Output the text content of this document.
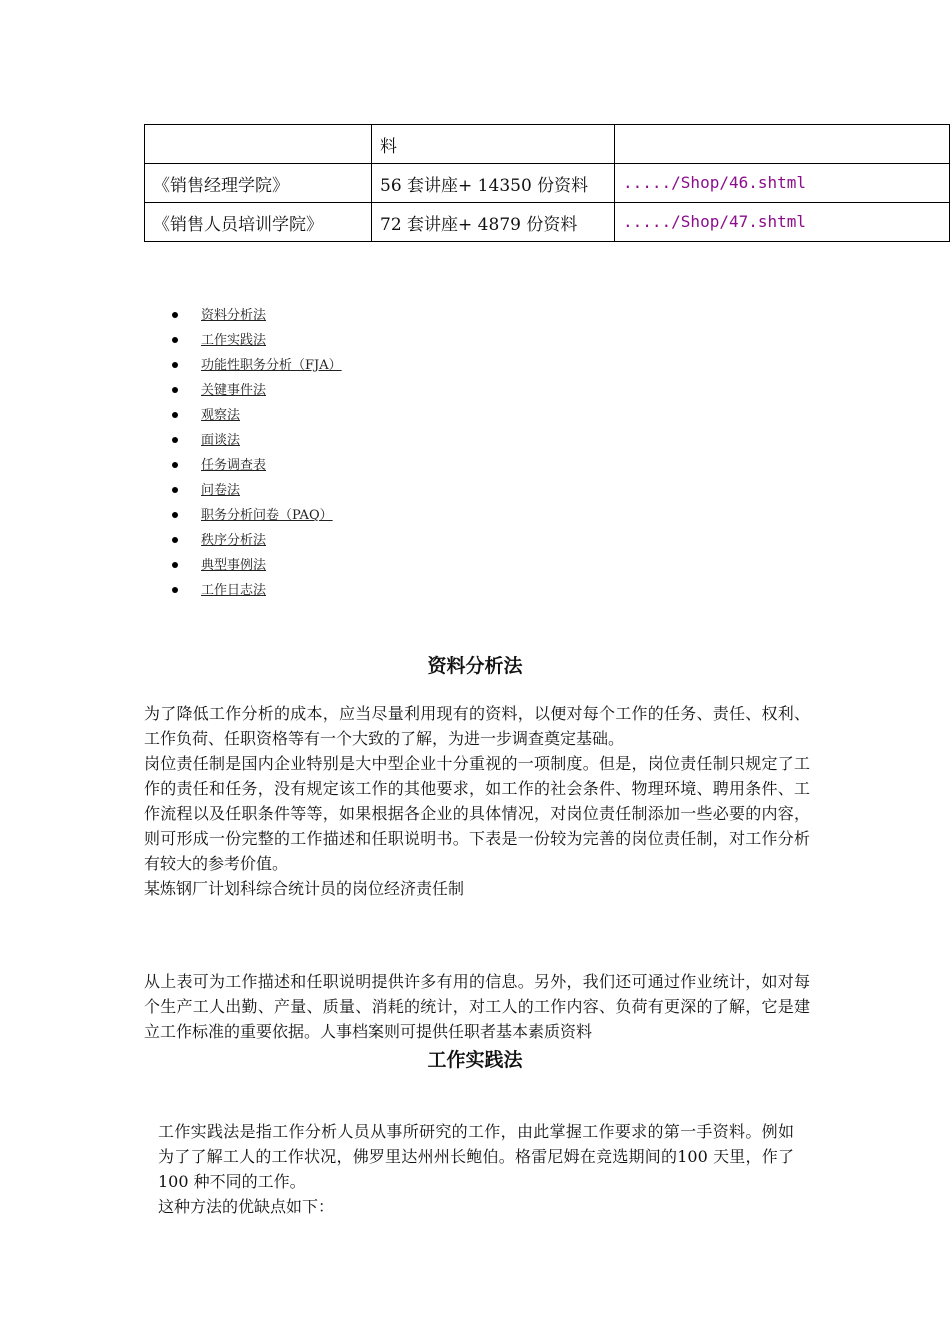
	料	
《销售经理学院》	56 套讲座+ 14350 份资料	...../Shop/46.shtml
《销售人员培训学院》	72 套讲座+ 4879 份资料	...../Shop/47.shtml
资料分析法
工作实践法
功能性职务分析（FJA）
关键事件法
观察法
面谈法
任务调查表
问卷法
职务分析问卷（PAQ）
秩序分析法
典型事例法
工作日志法
资料分析法

为了降低工作分析的成本，应当尽量利用现有的资料，以便对每个工作的任务、责任、权利、工作负荷、任职资格等有一个大致的了解，为进一步调查奠定基础。

岗位责任制是国内企业特别是大中型企业十分重视的一项制度。但是，岗位责任制只规定了工作的责任和任务，没有规定该工作的其他要求，如工作的社会条件、物理环境、聘用条件、工作流程以及任职条件等等，如果根据各企业的具体情况，对岗位责任制添加一些必要的内容，则可形成一份完整的工作描述和任职说明书。下表是一份较为完善的岗位责任制，对工作分析有较大的参考价值。

某炼钢厂计划科综合统计员的岗位经济责任制

从上表可为工作描述和任职说明提供许多有用的信息。另外，我们还可通过作业统计，如对每个生产工人出勤、产量、质量、消耗的统计，对工人的工作内容、负荷有更深的了解，它是建立工作标准的重要依据。人事档案则可提供任职者基本素质资料

工作实践法

工作实践法是指工作分析人员从事所研究的工作，由此掌握工作要求的第一手资料。例如为了了解工人的工作状况，佛罗里达州州长鲍伯。格雷尼姆在竞选期间的100 天里，作了100 种不同的工作。

这种方法的优缺点如下：
